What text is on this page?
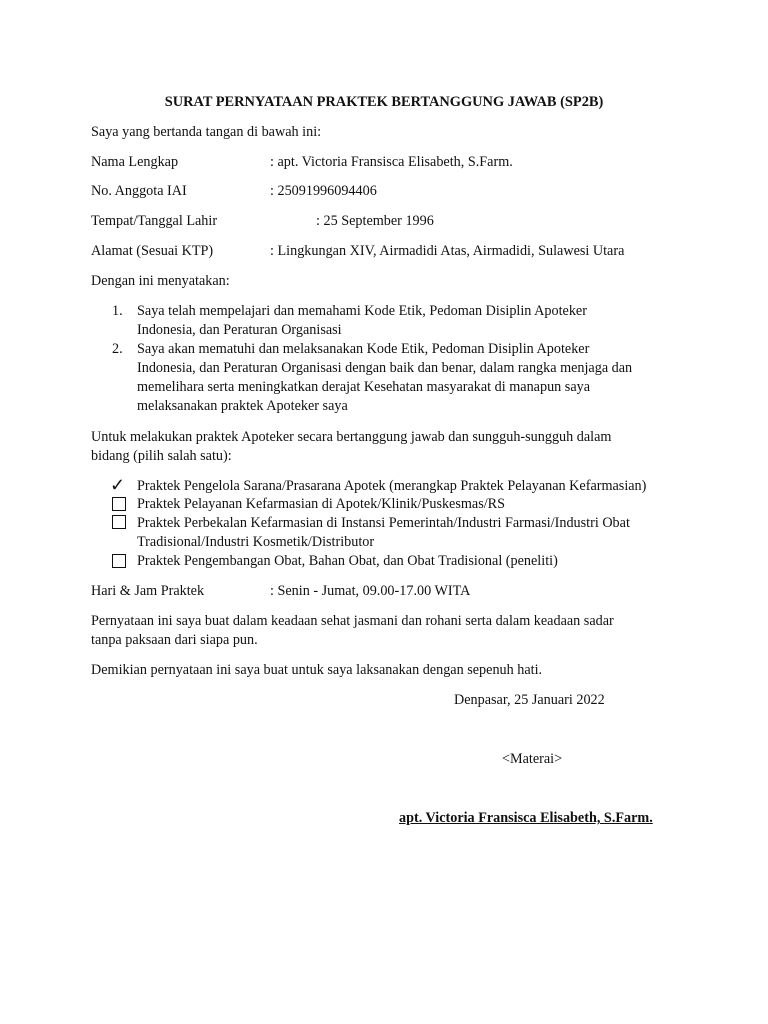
SURAT PERNYATAAN PRAKTEK BERTANGGUNG JAWAB (SP2B)
Saya yang bertanda tangan di bawah ini:
Nama Lengkap	: apt. Victoria Fransisca Elisabeth, S.Farm.
No. Anggota IAI	: 25091996094406
Tempat/Tanggal Lahir	: 25 September 1996
Alamat (Sesuai KTP)	: Lingkungan XIV, Airmadidi Atas, Airmadidi, Sulawesi Utara
Dengan ini menyatakan:
1. Saya telah mempelajari dan memahami Kode Etik, Pedoman Disiplin Apoteker
Indonesia, dan Peraturan Organisasi
2. Saya akan mematuhi dan melaksanakan Kode Etik, Pedoman Disiplin Apoteker
Indonesia, dan Peraturan Organisasi dengan baik dan benar, dalam rangka menjaga dan
memelihara serta meningkatkan derajat Kesehatan masyarakat di manapun saya
melaksanakan praktek Apoteker saya
Untuk melakukan praktek Apoteker secara bertanggung jawab dan sungguh-sungguh dalam
bidang (pilih salah satu):
✓ Praktek Pengelola Sarana/Prasarana Apotek (merangkap Praktek Pelayanan Kefarmasian)
Praktek Pelayanan Kefarmasian di Apotek/Klinik/Puskesmas/RS
Praktek Perbekalan Kefarmasian di Instansi Pemerintah/Industri Farmasi/Industri Obat
Tradisional/Industri Kosmetik/Distributor
Praktek Pengembangan Obat, Bahan Obat, dan Obat Tradisional (peneliti)
Hari & Jam Praktek	: Senin - Jumat, 09.00-17.00 WITA
Pernyataan ini saya buat dalam keadaan sehat jasmani dan rohani serta dalam keadaan sadar
tanpa paksaan dari siapa pun.
Demikian pernyataan ini saya buat untuk saya laksanakan dengan sepenuh hati.
Denpasar, 25 Januari 2022
<Materai>
apt. Victoria Fransisca Elisabeth, S.Farm.
